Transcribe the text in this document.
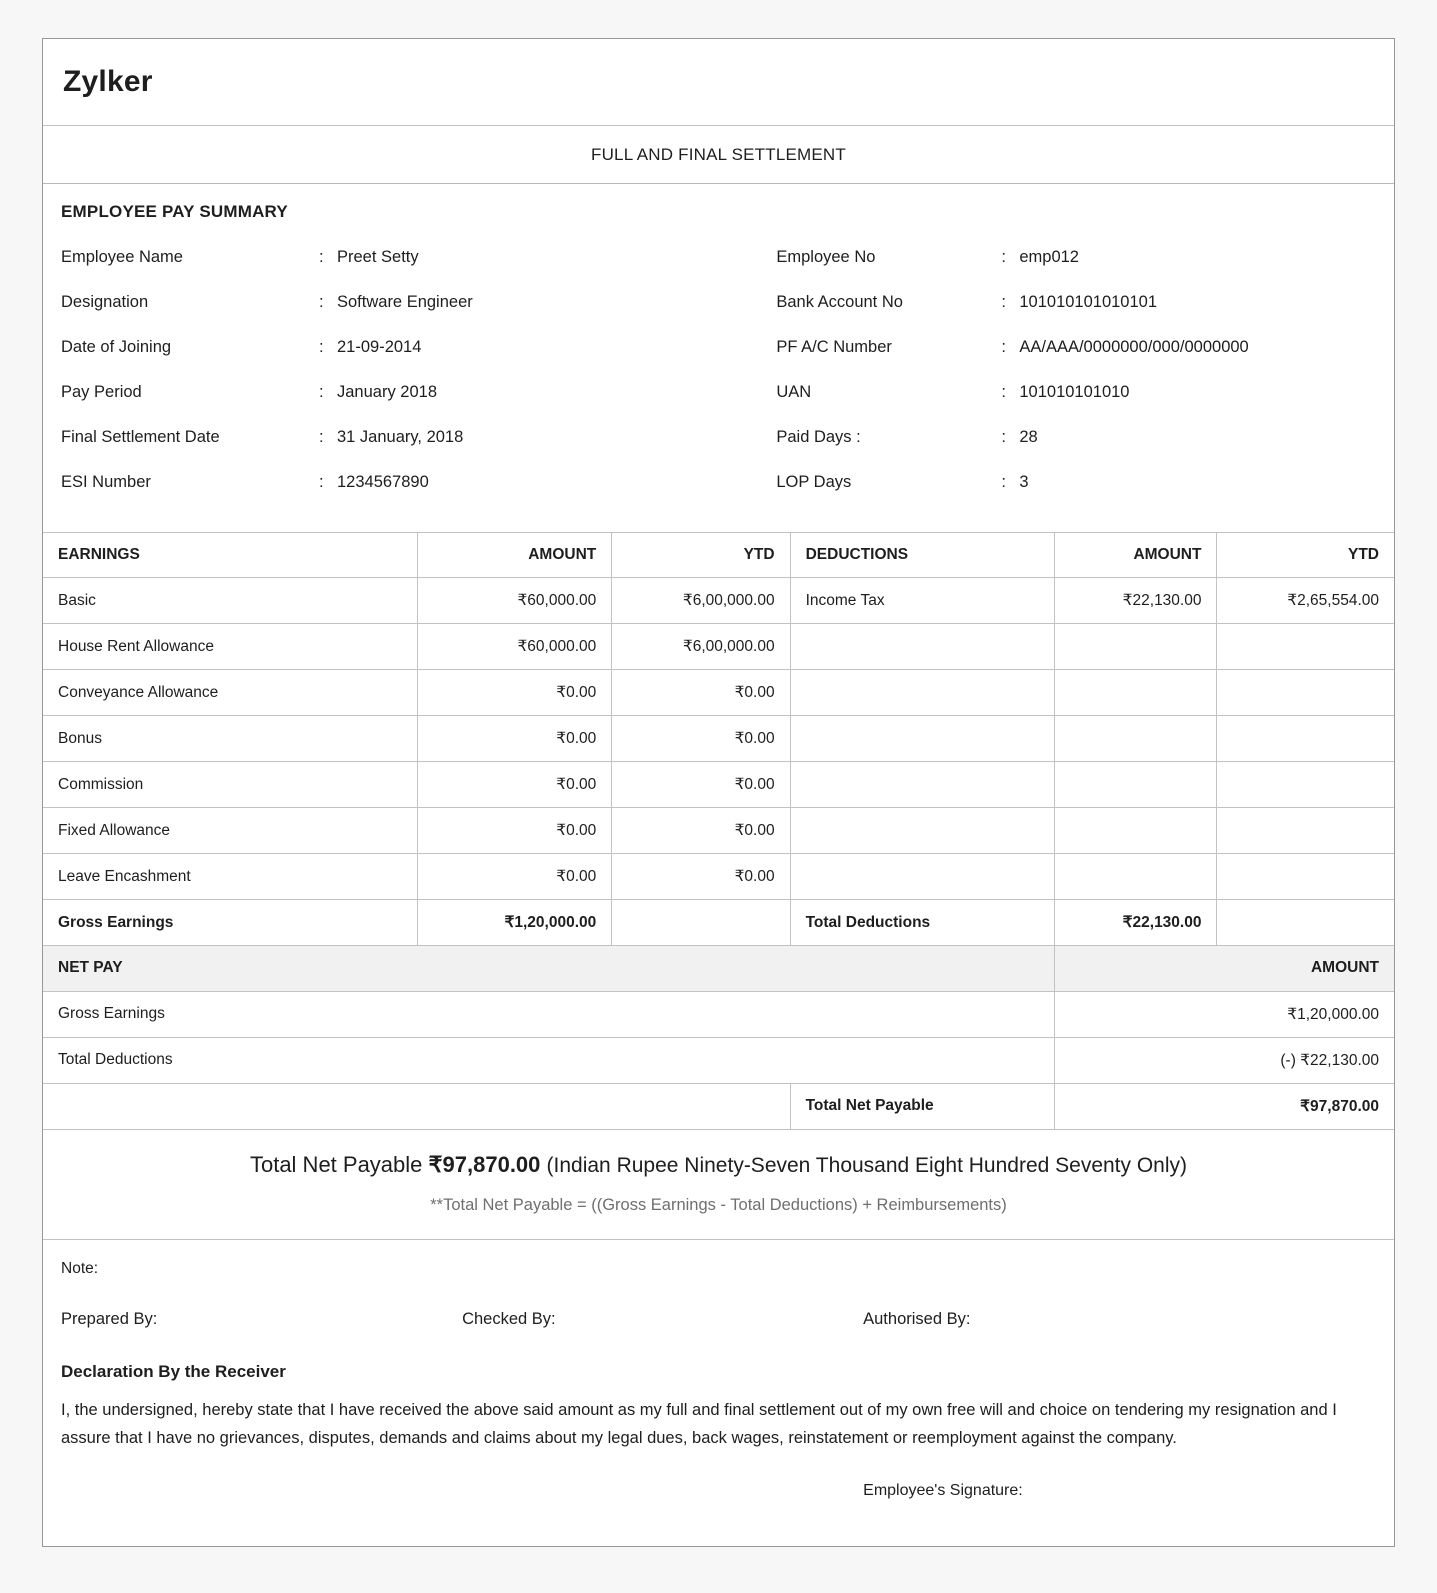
Zylker
FULL AND FINAL SETTLEMENT
EMPLOYEE PAY SUMMARY
Employee Name	: Preet Setty
Designation	: Software Engineer
Date of Joining	: 21-09-2014
Pay Period	: January 2018
Final Settlement Date	: 31 January, 2018
ESI Number	: 1234567890
Employee No	: emp012
Bank Account No	: 101010101010101
PF A/C Number	: AA/AAA/0000000/000/0000000
UAN	: 101010101010
Paid Days :	: 28
LOP Days	: 3
EARNINGS	AMOUNT	YTD	DEDUCTIONS	AMOUNT	YTD
Basic	₹60,000.00	₹6,00,000.00	Income Tax	₹22,130.00	₹2,65,554.00
House Rent Allowance	₹60,000.00	₹6,00,000.00			
Conveyance Allowance	₹0.00	₹0.00			
Bonus	₹0.00	₹0.00			
Commission	₹0.00	₹0.00			
Fixed Allowance	₹0.00	₹0.00			
Leave Encashment	₹0.00	₹0.00			
Gross Earnings	₹1,20,000.00		Total Deductions	₹22,130.00	
NET PAY		AMOUNT
Gross Earnings		₹1,20,000.00
Total Deductions		(-) ₹22,130.00
	Total Net Payable	₹97,870.00
Total Net Payable ₹97,870.00 (Indian Rupee Ninety-Seven Thousand Eight Hundred Seventy Only)
**Total Net Payable = ((Gross Earnings - Total Deductions) + Reimbursements)
Note:
Prepared By:	Checked By:	Authorised By:
Declaration By the Receiver
I, the undersigned, hereby state that I have received the above said amount as my full and final settlement out of my own free will and choice on tendering my resignation and I assure that I have no grievances, disputes, demands and claims about my legal dues, back wages, reinstatement or reemployment against the company.
Employee's Signature:
